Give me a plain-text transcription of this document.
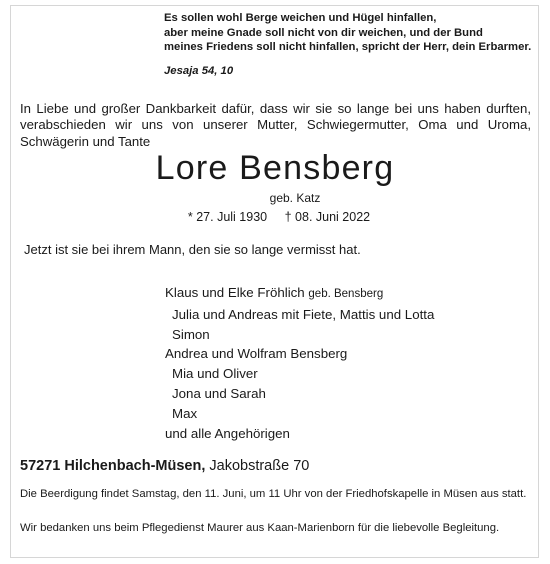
Es sollen wohl Berge weichen und Hügel hinfallen,
aber meine Gnade soll nicht von dir weichen, und der Bund
meines Friedens soll nicht hinfallen, spricht der Herr, dein Erbarmer.
Jesaja 54, 10
In Liebe und großer Dankbarkeit dafür, dass wir sie so lange bei uns haben durften,
verabschieden wir uns von unserer Mutter, Schwiegermutter, Oma und Uroma,
Schwägerin und Tante
Lore Bensberg
geb. Katz
* 27. Juli 1930 † 08. Juni 2022
Jetzt ist sie bei ihrem Mann, den sie so lange vermisst hat.
Klaus und Elke Fröhlich geb. Bensberg
Julia und Andreas mit Fiete, Mattis und Lotta
Simon
Andrea und Wolfram Bensberg
Mia und Oliver
Jona und Sarah
Max
und alle Angehörigen
57271 Hilchenbach-Müsen, Jakobstraße 70
Die Beerdigung findet Samstag, den 11. Juni, um 11 Uhr von der Friedhofskapelle in Müsen aus statt.
Wir bedanken uns beim Pflegedienst Maurer aus Kaan-Marienborn für die liebevolle Begleitung.
